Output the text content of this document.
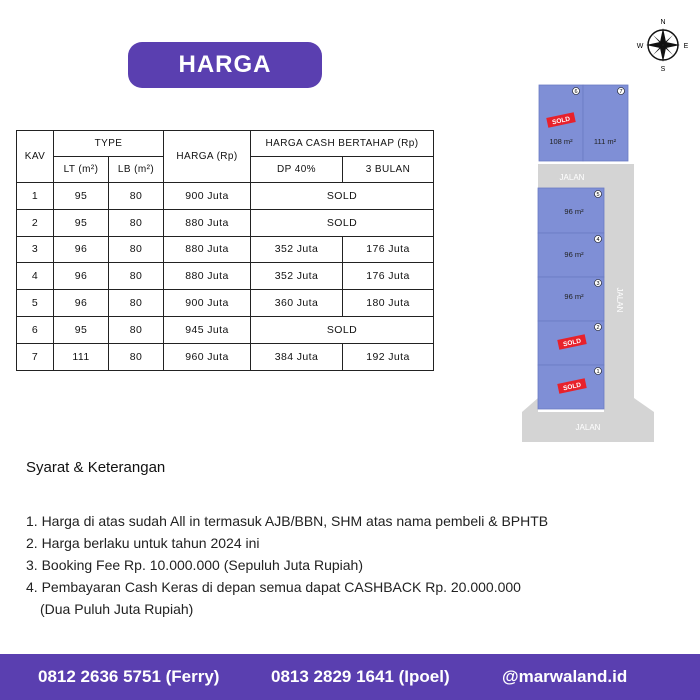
HARGA
KAV	TYPE		HARGA (Rp)	HARGA CASH BERTAHAP (Rp)	
	LT (m²)	LB (m²)		DP 40%	3 BULAN
1	95	80	900 Juta	SOLD	
2	95	80	880 Juta	SOLD	
3	96	80	880 Juta	352 Juta	176 Juta
4	96	80	880 Juta	352 Juta	176 Juta
5	96	80	900 Juta	360 Juta	180 Juta
6	95	80	945 Juta	SOLD	
7	111	80	960 Juta	384 Juta	192 Juta
N
S
E
W
JALAN
JALAN
JALAN
6
108 m²
SOLD
7
111 m²
5
96 m²
4
96 m²
3
96 m²
2
SOLD
1
SOLD
Syarat & Keterangan
1. Harga di atas sudah All in termasuk AJB/BBN, SHM atas nama pembeli & BPHTB
2. Harga berlaku untuk tahun 2024 ini
3. Booking Fee Rp. 10.000.000 (Sepuluh Juta Rupiah)
4. Pembayaran Cash Keras di depan semua dapat CASHBACK Rp. 20.000.000
(Dua Puluh Juta Rupiah)
0812 2636 5751 (Ferry)	0813 2829 1641 (Ipoel)	@marwaland.id
